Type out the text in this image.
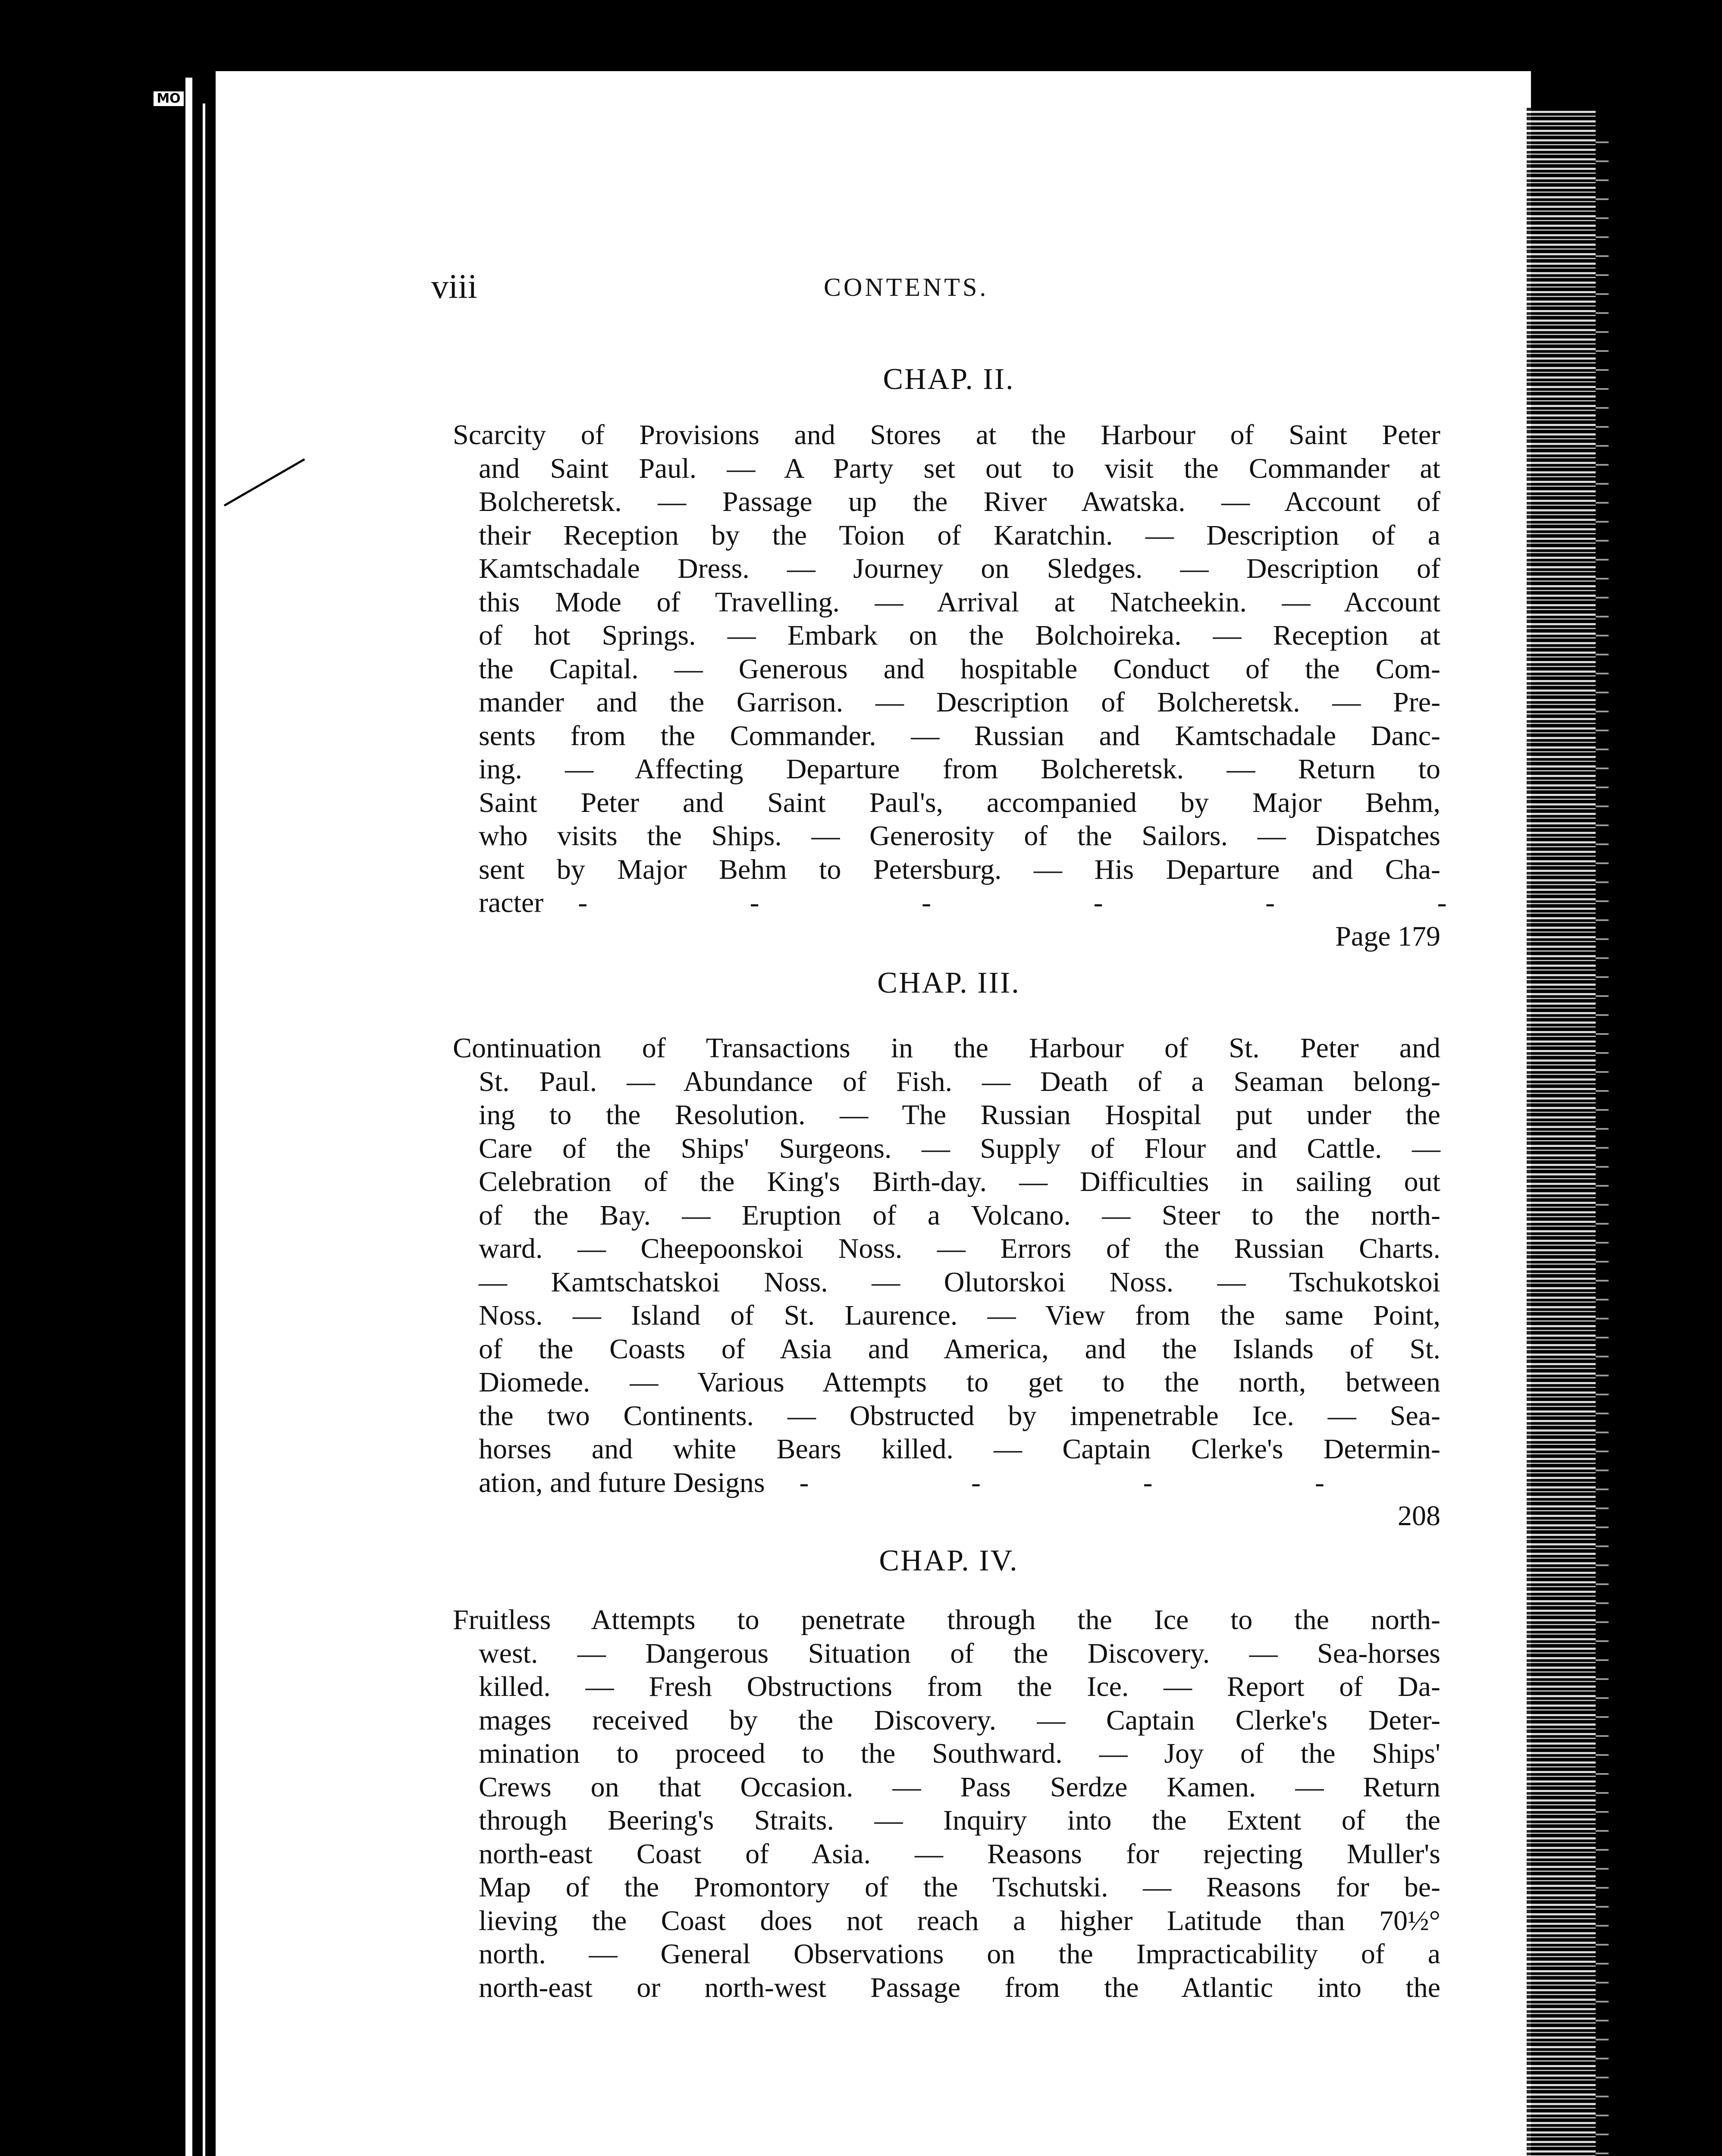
MO
viii	CONTENTS.
CHAP. II.
Scarcity of Provisions and Stores at the Harbour of Saint Peter
and Saint Paul. — A Party set out to visit the Commander at
Bolcheretsk. — Passage up the River Awatska. — Account of
their Reception by the Toion of Karatchin. — Description of a
Kamtschadale Dress. — Journey on Sledges. — Description of
this Mode of Travelling. — Arrival at Natcheekin. — Account
of hot Springs. — Embark on the Bolchoireka. — Reception at
the Capital. — Generous and hospitable Conduct of the Com-
mander and the Garrison. — Description of Bolcheretsk. — Pre-
sents from the Commander. — Russian and Kamtschadale Danc-
ing. — Affecting Departure from Bolcheretsk. — Return to
Saint Peter and Saint Paul's, accompanied by Major Behm,
who visits the Ships. — Generosity of the Sailors. — Dispatches
sent by Major Behm to Petersburg. — His Departure and Cha-
racter - - - - - -
Page 179
CHAP. III.
Continuation of Transactions in the Harbour of St. Peter and
St. Paul. — Abundance of Fish. — Death of a Seaman belong-
ing to the Resolution. — The Russian Hospital put under the
Care of the Ships' Surgeons. — Supply of Flour and Cattle. —
Celebration of the King's Birth-day. — Difficulties in sailing out
of the Bay. — Eruption of a Volcano. — Steer to the north-
ward. — Cheepoonskoi Noss. — Errors of the Russian Charts.
— Kamtschatskoi Noss. — Olutorskoi Noss. — Tschukotskoi
Noss. — Island of St. Laurence. — View from the same Point,
of the Coasts of Asia and America, and the Islands of St.
Diomede. — Various Attempts to get to the north, between
the two Continents. — Obstructed by impenetrable Ice. — Sea-
horses and white Bears killed. — Captain Clerke's Determin-
ation, and future Designs - - - -
208
CHAP. IV.
Fruitless Attempts to penetrate through the Ice to the north-
west. — Dangerous Situation of the Discovery. — Sea-horses
killed. — Fresh Obstructions from the Ice. — Report of Da-
mages received by the Discovery. — Captain Clerke's Deter-
mination to proceed to the Southward. — Joy of the Ships'
Crews on that Occasion. — Pass Serdze Kamen. — Return
through Beering's Straits. — Inquiry into the Extent of the
north-east Coast of Asia. — Reasons for rejecting Muller's
Map of the Promontory of the Tschutski. — Reasons for be-
lieving the Coast does not reach a higher Latitude than 70½°
north. — General Observations on the Impracticability of a
north-east or north-west Passage from the Atlantic into the
